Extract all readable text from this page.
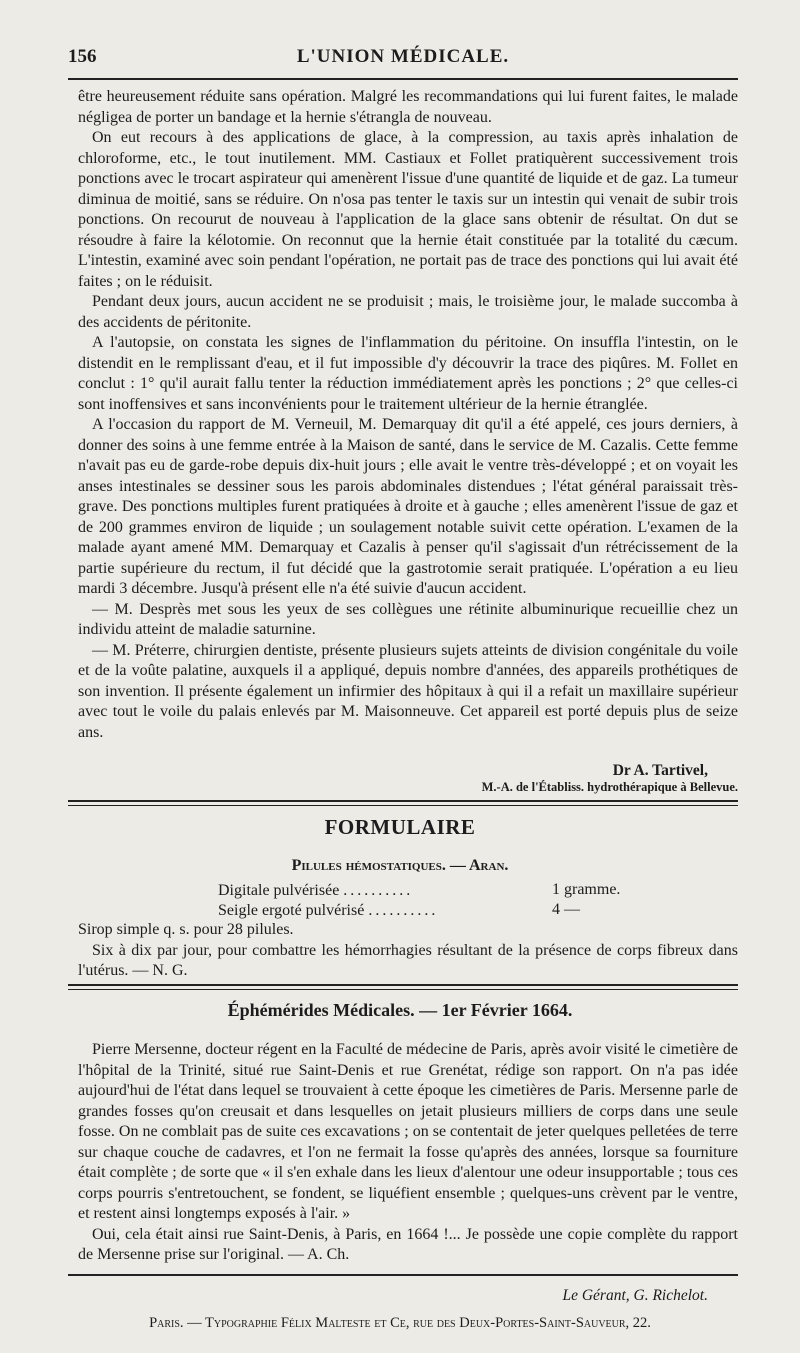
156	L'UNION MÉDICALE.

être heureusement réduite sans opération. Malgré les recommandations qui lui furent faites, le malade négligea de porter un bandage et la hernie s'étrangla de nouveau.

On eut recours à des applications de glace, à la compression, au taxis après inhalation de chloroforme, etc., le tout inutilement. MM. Castiaux et Follet pratiquèrent successivement trois ponctions avec le trocart aspirateur qui amenèrent l'issue d'une quantité de liquide et de gaz. La tumeur diminua de moitié, sans se réduire. On n'osa pas tenter le taxis sur un intestin qui venait de subir trois ponctions. On recourut de nouveau à l'application de la glace sans obtenir de résultat. On dut se résoudre à faire la kélotomie. On reconnut que la hernie était constituée par la totalité du cæcum. L'intestin, examiné avec soin pendant l'opération, ne portait pas de trace des ponctions qui lui avait été faites ; on le réduisit.

Pendant deux jours, aucun accident ne se produisit ; mais, le troisième jour, le malade succomba à des accidents de péritonite.

A l'autopsie, on constata les signes de l'inflammation du péritoine. On insuffla l'intestin, on le distendit en le remplissant d'eau, et il fut impossible d'y découvrir la trace des piqûres. M. Follet en conclut : 1° qu'il aurait fallu tenter la réduction immédiatement après les ponctions ; 2° que celles-ci sont inoffensives et sans inconvénients pour le traitement ultérieur de la hernie étranglée.

A l'occasion du rapport de M. Verneuil, M. Demarquay dit qu'il a été appelé, ces jours derniers, à donner des soins à une femme entrée à la Maison de santé, dans le service de M. Cazalis. Cette femme n'avait pas eu de garde-robe depuis dix-huit jours ; elle avait le ventre très-développé ; et on voyait les anses intestinales se dessiner sous les parois abdominales distendues ; l'état général paraissait très-grave. Des ponctions multiples furent pratiquées à droite et à gauche ; elles amenèrent l'issue de gaz et de 200 grammes environ de liquide ; un soulagement notable suivit cette opération. L'examen de la malade ayant amené MM. Demarquay et Cazalis à penser qu'il s'agissait d'un rétrécissement de la partie supérieure du rectum, il fut décidé que la gastrotomie serait pratiquée. L'opération a eu lieu mardi 3 décembre. Jusqu'à présent elle n'a été suivie d'aucun accident.

— M. Desprès met sous les yeux de ses collègues une rétinite albuminurique recueillie chez un individu atteint de maladie saturnine.

— M. Préterre, chirurgien dentiste, présente plusieurs sujets atteints de division congénitale du voile et de la voûte palatine, auxquels il a appliqué, depuis nombre d'années, des appareils prothétiques de son invention. Il présente également un infirmier des hôpitaux à qui il a refait un maxillaire supérieur avec tout le voile du palais enlevés par M. Maisonneuve. Cet appareil est porté depuis plus de seize ans.

Dr A. Tartivel,
M.-A. de l'Établiss. hydrothérapique à Bellevue.
FORMULAIRE
Pilules hémostatiques. — Aran.
Digitale pulvérisée ..........
Seigle ergoté pulvérisé ..........
1 gramme.
4 —

Sirop simple q. s. pour 28 pilules.

Six à dix par jour, pour combattre les hémorrhagies résultant de la présence de corps fibreux dans l'utérus. — N. G.

Éphémérides Médicales. — 1er Février 1664.

Pierre Mersenne, docteur régent en la Faculté de médecine de Paris, après avoir visité le cimetière de l'hôpital de la Trinité, situé rue Saint-Denis et rue Grenétat, rédige son rapport. On n'a pas idée aujourd'hui de l'état dans lequel se trouvaient à cette époque les cimetières de Paris. Mersenne parle de grandes fosses qu'on creusait et dans lesquelles on jetait plusieurs milliers de corps dans une seule fosse. On ne comblait pas de suite ces excavations ; on se contentait de jeter quelques pelletées de terre sur chaque couche de cadavres, et l'on ne fermait la fosse qu'après des années, lorsque sa fourniture était complète ; de sorte que « il s'en exhale dans les lieux d'alentour une odeur insupportable ; tous ces corps pourris s'entretouchent, se fondent, se liquéfient ensemble ; quelques-uns crèvent par le ventre, et restent ainsi longtemps exposés à l'air. »

Oui, cela était ainsi rue Saint-Denis, à Paris, en 1664 !... Je possède une copie complète du rapport de Mersenne prise sur l'original. — A. Ch.

Le Gérant, G. Richelot.
Paris. — Typographie Félix Malteste et Ce, rue des Deux-Portes-Saint-Sauveur, 22.
